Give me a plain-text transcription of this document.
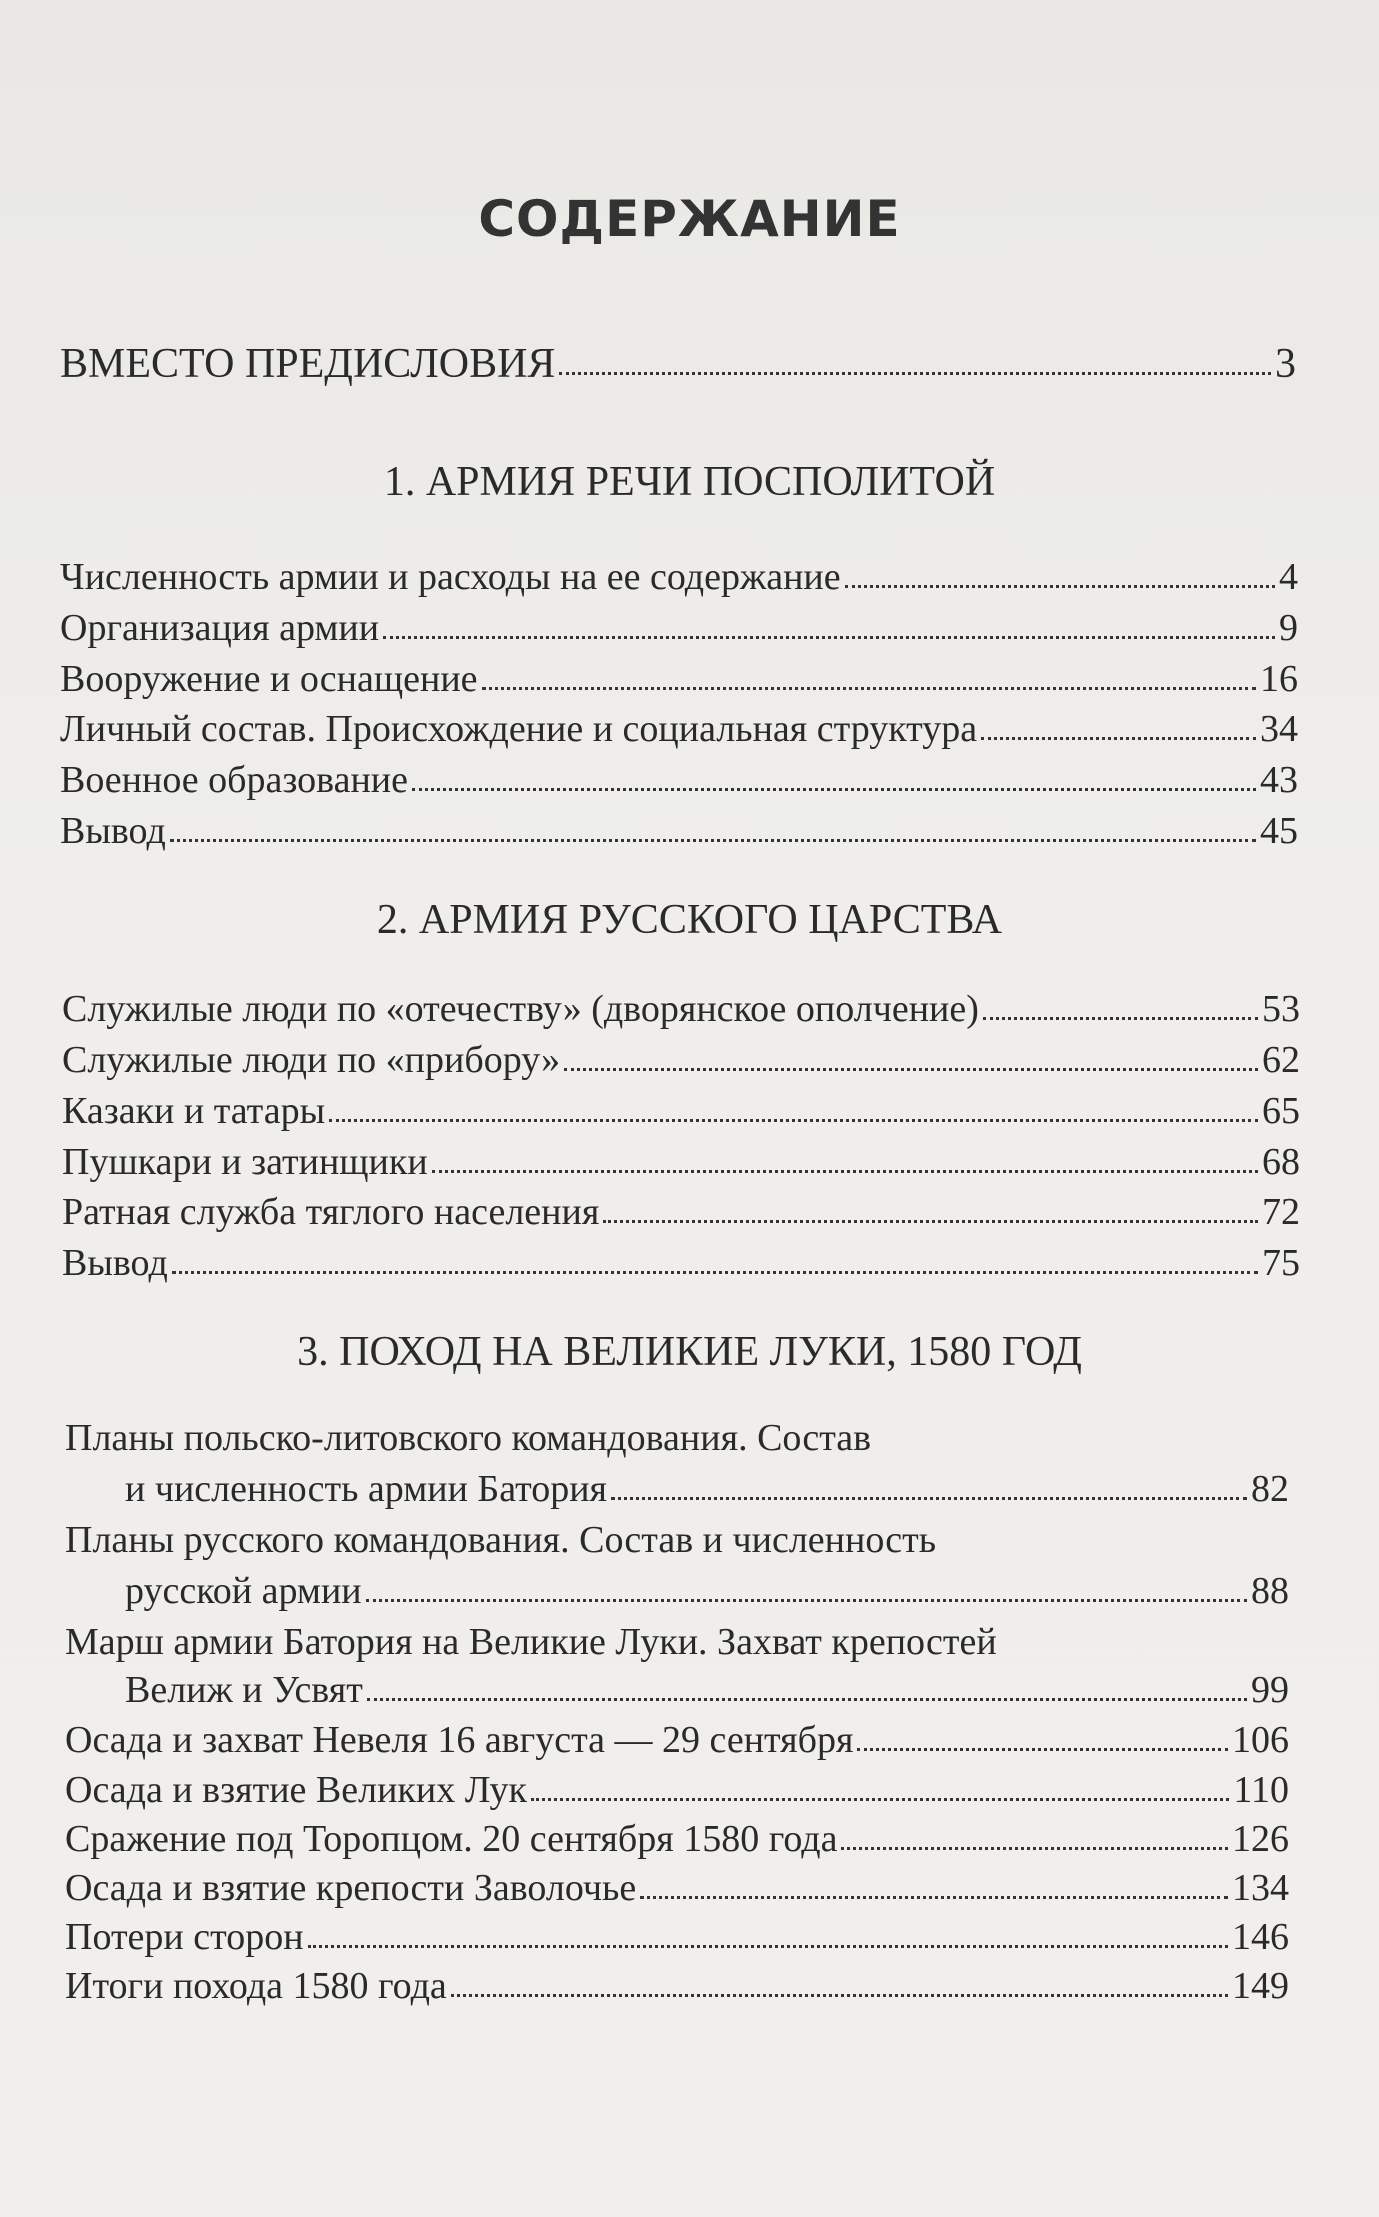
СОДЕРЖАНИЕ
ВМЕСТО ПРЕДИСЛОВИЯ	3
1. АРМИЯ РЕЧИ ПОСПОЛИТОЙ
Численность армии и расходы на ее содержание	4
Организация армии	9
Вооружение и оснащение	16
Личный состав. Происхождение и социальная структура	34
Военное образование	43
Вывод	45
2. АРМИЯ РУССКОГО ЦАРСТВА
Служилые люди по «отечеству» (дворянское ополчение)	53
Служилые люди по «прибору»	62
Казаки и татары	65
Пушкари и затинщики	68
Ратная служба тяглого населения	72
Вывод	75
3. ПОХОД НА ВЕЛИКИЕ ЛУКИ, 1580 ГОД
Планы польско-литовского командования. Состав
и численность армии Батория	82
Планы русского командования. Состав и численность
русской армии	88
Марш армии Батория на Великие Луки. Захват крепостей
Велиж и Усвят	99
Осада и захват Невеля 16 августа — 29 сентября	106
Осада и взятие Великих Лук	110
Сражение под Торопцом. 20 сентября 1580 года	126
Осада и взятие крепости Заволочье	134
Потери сторон	146
Итоги похода 1580 года	149
